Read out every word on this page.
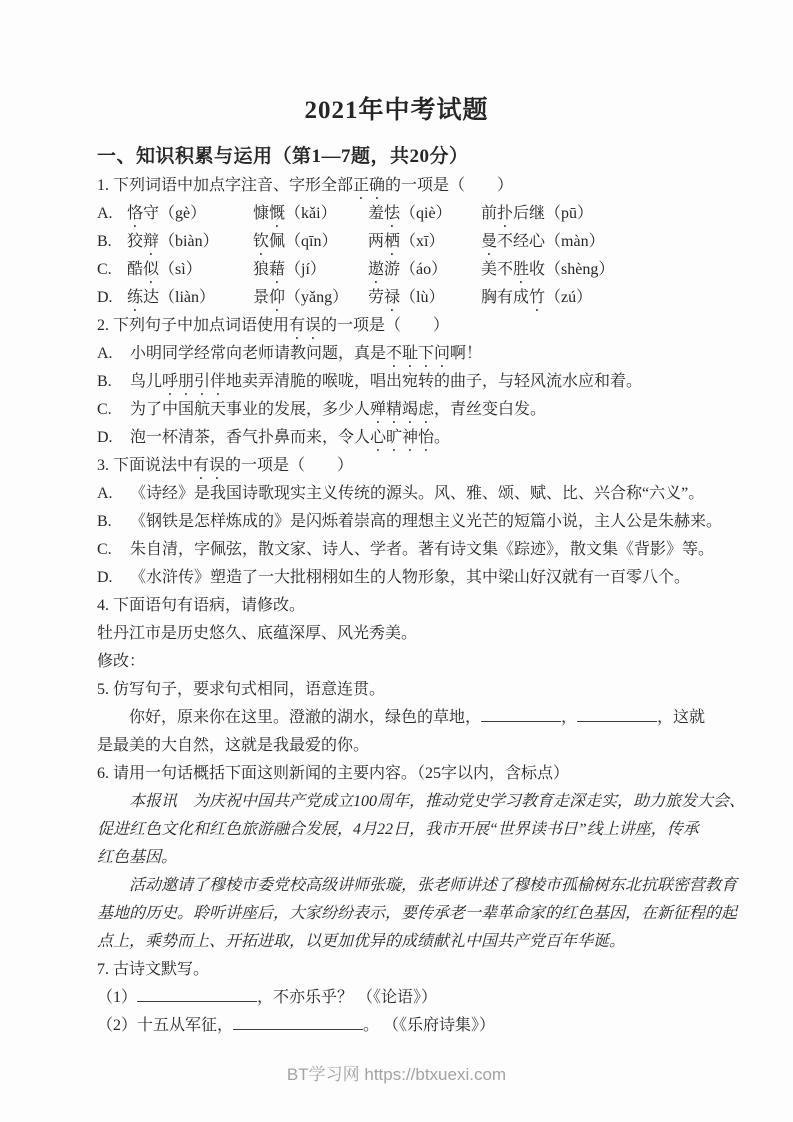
2021年中考试题
一、知识积累与运用（第1—7题，共20分）
1. 下列词语中加点字注音、字形全部正确的一项是（　　）
A. 恪守（gè）	慷慨（kǎi）	羞怯（qiè）	前扑后继（pū）
B. 狡辩（biàn）	钦佩（qīn）	两栖（xī）	曼不经心（màn）
C. 酷似（sì）	狼藉（jí）	遨游（áo）	美不胜收（shèng）
D. 练达（liàn）	景仰（yǎng）	劳禄（lù）	胸有成竹（zú）
2. 下列句子中加点词语使用有误的一项是（　　）
A. 小明同学经常向老师请教问题，真是不耻下问啊！
B. 鸟儿呼朋引伴地卖弄清脆的喉咙，唱出宛转的曲子，与轻风流水应和着。
C. 为了中国航天事业的发展，多少人殚精竭虑，青丝变白发。
D. 泡一杯清茶，香气扑鼻而来，令人心旷神怡。
3. 下面说法中有误的一项是（　　）
A. 《诗经》是我国诗歌现实主义传统的源头。风、雅、颂、赋、比、兴合称“六义”。
B. 《钢铁是怎样炼成的》是闪烁着崇高的理想主义光芒的短篇小说，主人公是朱赫来。
C. 朱自清，字佩弦，散文家、诗人、学者。著有诗文集《踪迹》，散文集《背影》等。
D. 《水浒传》塑造了一大批栩栩如生的人物形象，其中梁山好汉就有一百零八个。
4. 下面语句有语病，请修改。
牡丹江市是历史悠久、底蕴深厚、风光秀美。
修改：
5. 仿写句子，要求句式相同，语意连贯。
你好，原来你在这里。澄澈的湖水，绿色的草地，	，	，这就
是最美的大自然，这就是我最爱的你。
6. 请用一句话概括下面这则新闻的主要内容。（25字以内，含标点）
本报讯　为庆祝中国共产党成立100周年，推动党史学习教育走深走实，助力旅发大会、
促进红色文化和红色旅游融合发展，4月22日，我市开展“世界读书日”线上讲座，传承
红色基因。
活动邀请了穆棱市委党校高级讲师张璇，张老师讲述了穆棱市孤榆树东北抗联密营教育
基地的历史。聆听讲座后，大家纷纷表示，要传承老一辈革命家的红色基因，在新征程的起
点上，乘势而上、开拓进取，以更加优异的成绩献礼中国共产党百年华诞。
7. 古诗文默写。
（1）	，不亦乐乎？ （《论语》）
（2）十五从军征，	。 （《乐府诗集》）
BT学习网 https://btxuexi.com
